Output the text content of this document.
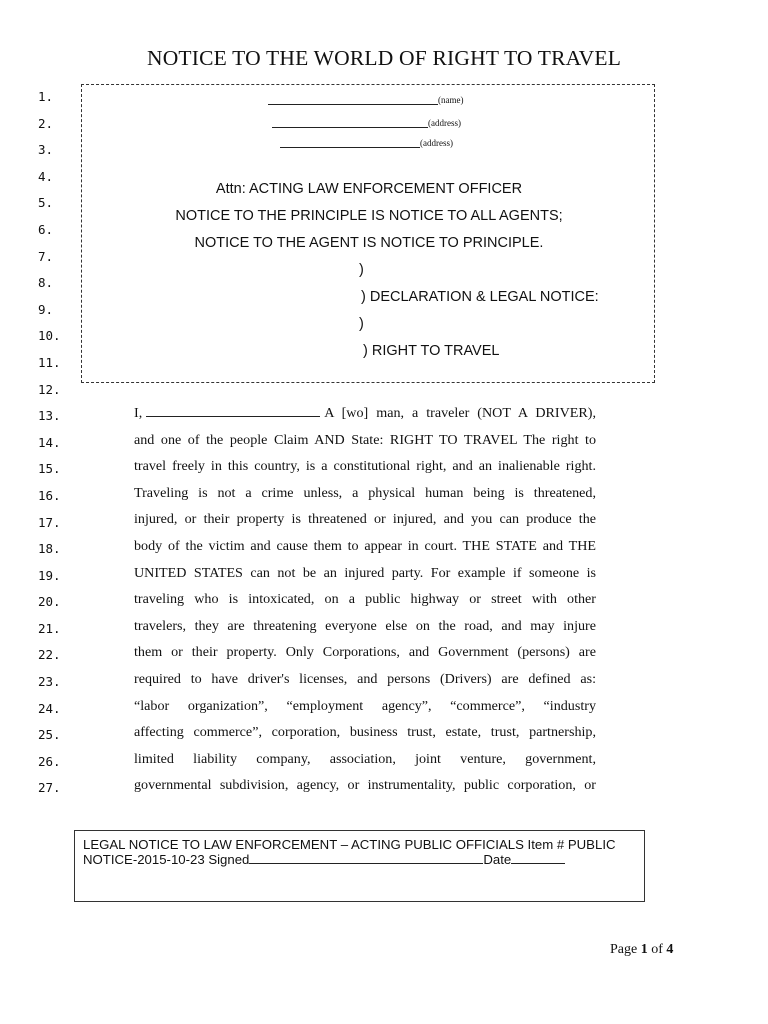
NOTICE TO THE WORLD OF RIGHT TO TRAVEL
1.
2.
3.
4.
5.
6.
7.
8.
9.
10.
11.
12.
13.
14.
15.
16.
17.
18.
19.
20.
21.
22.
23.
24.
25.
26.
27.
(name)
(address)
(address)
Attn: ACTING LAW ENFORCEMENT OFFICER
NOTICE TO THE PRINCIPLE IS NOTICE TO ALL AGENTS;
NOTICE TO THE AGENT IS NOTICE TO PRINCIPLE.
)
) DECLARATION & LEGAL NOTICE:
)
) RIGHT TO TRAVEL
I,	A [wo] man, a traveler (NOT A DRIVER),
and one of the people Claim AND State: RIGHT TO TRAVEL The right to
travel freely in this country, is a constitutional right, and an inalienable right.
Traveling is not a crime unless, a physical human being is threatened,
injured, or their property is threatened or injured, and you can produce the
body of the victim and cause them to appear in court. THE STATE and THE
UNITED STATES can not be an injured party. For example if someone is
traveling who is intoxicated, on a public highway or street with other
travelers, they are threatening everyone else on the road, and may injure
them or their property. Only Corporations, and Government (persons) are
required to have driver's licenses, and persons (Drivers) are defined as:
“labor organization”, “employment agency”, “commerce”, “industry
affecting commerce”, corporation, business trust, estate, trust, partnership,
limited liability company, association, joint venture, government,
governmental subdivision, agency, or instrumentality, public corporation, or
LEGAL NOTICE TO LAW ENFORCEMENT – ACTING PUBLIC OFFICIALS Item # PUBLIC
NOTICE-2015-10-23 Signed	Date
Page 1 of 4
